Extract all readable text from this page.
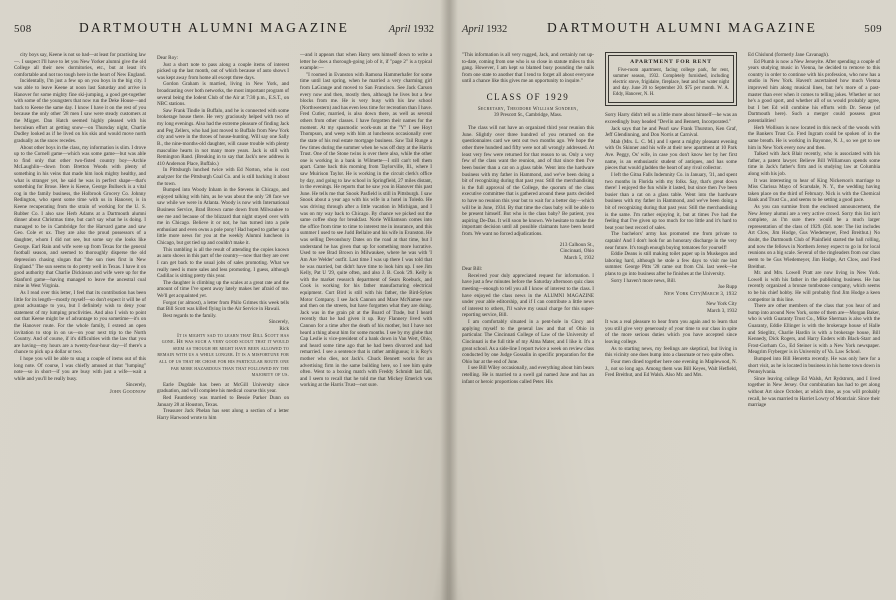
508	DARTMOUTH ALUMNI MAGAZINE	April 1932

city boys say, Keene is not so bad—at least for practising law—. I suspect I'll have to let you New Yorker alumni give the old College all their new dormitories, etc., but at least it's comfortable and not too tough here in the heart of New England.

Incidentally, I'm just a few up on you boys in the big city. I was able to leave Keene at noon last Saturday and arrive in Hanover for some mighty fine ski-jumping, a good get-together with some of the youngsters that now run the Deke House—and back to Keene the same day. I know I have it on the rest of you because the only other '28 men I saw were steady customers at the Migget. Dan Hatch seemed highly pleased with his herculean effort at getting snow—on Thursday night, Charlie Dudley looked as if he lived on his skis and would move north gradually as the snow recedes.

About other boys in the class, my information is slim. I drove up to the Cornell game—which was some game—but was able to find only that other two-fisted country boy—Archie McLaughlin—down from Bretton Woods with plenty of something in his veins that made him look mighty healthy, and what is stranger yet, he said he was in perfect shape—that's something for Brose. Here is Keene, George Bullseck is a vital cog in the family business, the Holbrook Grocery Co. Johnny Redington, who spent some time with us in Hanover, is in Keene recuperating from the strain of working for the U. S. Rubber Co. I also saw Herb Adams at a Dartmouth alumni dinner about Christmas time, but can't say what he is doing. I managed to be in Cambridge for the Harvard game and saw Geo. Cole et ux. They are also the proud possessors of a daughter, whom I did not see, but some say she looks like George. Earl Rain and wife were up from Texas for the general football season, and seemed to thoroughly disperse the old depression chasing slogan that "the sun rises first in New England." The sun seems to do pretty well in Texas. I have it on good authority that Charlie Dickinson and wife were up for the Stanford game—having managed to leave the ancestral coal mine in West Virginia.

As I read over this letter, I feel that its contribution has been little for its length—mostly myself—so don't expect it will be of great advantage to you, but I definitely wish to deny your statement of my lumping proclivities. And also I wish to point out that Keene might be of advantage to you sometime—it's on the Hanover route. For the whole family, I extend an open invitation to stop in on us—on your next trip to the North Country. And of course, if it's difficulties with the law that you are having—my hours are a twenty-four-hour day—if there's a chance to pick up a dollar or two.

I hope you will be able to snag a couple of items out of this long note. Of course, I was chiefly amused at that "lumping" note—so in short—if you are busy with just a wife—wait a while and you'll be really busy.

Sincerely,

John Goodnow

Dear Roy:

Just a short note to pass along a couple items of interest picked up the last month, out of which because of auto shows I was kept away from home all except three days.

Gordon Graham is married, living in New York, and broadcasting over both networks, the most important program of several being the Iodent Club of the Air at 7:30 p.m., E.S.T., on NBC stations.

Saw Frank Tindle in Buffalo, and he is connected with some brokerage house there. He very graciously helped with two of my long evenings. Also had the extreme pleasure of finding Jack and Peg Zellers, who had just moved to Buffalo from New York city and were in the throes of house-hunting. Will say one Sally B., the nine-months-old daughter, will cause trouble with plenty masculine hearts in not many more years. Jack is still with Remington Rand. (Breaking in to say that Jack's new address is 410 Anderson Place, Buffalo.)

In Pittsburgh lunched twice with Ed Norton, who is cost analyzer for the Pittsburgh Coal Co. and is still backing it about the town.

Bumped into Woody Inham in the Stevens in Chicago, and enjoyed talking with him, as he was about the only '28 face we saw while we were in Atlanta. Woody is now with International Business Service, Brad Brown came down from Milwaukee to see me and because of the blizzard that night stayed over with me in Chicago. Believe it or not, he has turned into a pole enthusiast and even owns a pole pony! Had hoped to gather up a little more news for you at the weekly Alumni luncheon in Chicago, but got tied up and couldn't make it.

This rambling is all the result of attending the copies known as auto shows in this part of the country—now that they are over I can get back to the usual jobs of sales promoting. What we really need is more sales and less promoting. I guess, although Cadillac is sitting pretty this year.

The daughter is climbing up the scales at a great rate and the amount of time I've spent away lately makes her afraid of me. We'll get acquainted yet.

Forgot (or almost), a letter from Philo Grimes this week tells that Bill Scott was killed flying in the Air Service in Hawaii.

Best regards to the family.

Sincerely,

Rick

It is mighty sad to learn that Bill Scott has gone. He was such a very good scout that it would seem as though he might have been allowed to remain with us a while longer. It is a misfortune for all of us that he chose for his particular route one far more hazardous than that followed by the majority of us.

Earle Dugdale has been at McGill University since graduation, and will complete his medical course this year.

Red Fauntleroy was married to Bessie Parker Dunn on January 28 at Houston, Texas.

Treasurer Jack Phelan has sent along a section of a letter Harry Harwood wrote to him

—and it appears that when Harry sets himself down to write a letter he does a thorough-going job of it, if "page 2" is a typical example:—

"I roomed in Evanston with Ramona Hammerhafer for some time until last spring, when he married a very charming girl from LaGrange and moved to San Francisco. See Jack Carson every now and then, mostly then, although he lives but a few blocks from me. He is very busy with his law school (Northwestern) and has even less time for recreation than I have. Fred Cutler, married, is also down there, as well as several others from other classes. I have forgotten their names for the moment. At my spasmodic work-outs at the "Y" I see Hoyt Thompson, and weep with him at luncheons occasionally over the state of his real estate mortgage business. Saw Tail Runge a few times during the summer when he was off duty at the Harris Trust. One of the Stone twins is over there also, while the other one is working in a bank in Wilmette—I still can't tell them apart. Came back this morning from Taylorville, Ill., where I saw Muirison Taylor. He is working in the circuit clerk's office by day, and going to law school in Springfield, 27 miles distant, in the evenings. He reports that he saw you in Hanover this past June. He tells me that Snook Pasfield is still in Pittsburgh. I saw Snook about a year ago with his wife in a hotel in Toledo. He was driving through after a little vacation in Michigan, and I was on my way back to Chicago. By chance we picked out the same coffee shop for breakfast. Norie Williamson comes into the office from time to time to interest me in insurance, and this summer I used to see Judd Bellaire and his wife in Evanston. He was selling Devonshury Dates on the road at that time, but I understand he has given that up for something more lucrative. Used to see Brad Brown in Milwaukee, where he was with 'I Am Are Welder' outfit. Last time I was up there I was told that he was married, but didn't have time to look him up. I see Jim Kelly, Pat U '29, quite often, and also J. B. Cook '29. Kelly is with the market research department of Sears Roebuck, and Cook is working for his father manufacturing electrical equipment. Curt Bird is still with his father, the Bird-Sykes Motor Company. I see Jack Cannon and Mace McNamee now and then on the streets, but have forgotten what they are doing. Jack was in the grain pit at the Board of Trade, but I heard recently that he had given it up. Roy Flannery lived with Cannon for a time after the death of his mother, but I have not heard a thing about him for some months. I see by my globe that Cap Leslie is vice-president of a bank down in Van Wert, Ohio, and heard some time ago that he had been divorced and had remarried. I see a sentence that is rather ambiguous; it is Roy's mother who dies, not Jack's. Chuck Bennett works for an advertising firm in the same building here, so I see him quite often. Went to a boxing match with Freddy Schmidt last fall, and I seem to recall that he told me that Mickey Emerich was working at the Harris Trust—not sure.

April 1932	DARTMOUTH ALUMNI MAGAZINE	509

"This information is all very rugged, Jack, and certainly not up-to-date, coming from one who is so close in statute miles to this gang. However, I am kept so blamed busy pounding the nails from one state to another that I tend to forget all about everyone until a chance like this gives me an opportunity to inquire."

CLASS OF 1929
Secretary, Theodore William Sondeen,
39 Prescott St., Cambridge, Mass.

The class will not have an organized third year reunion this June. Slightly over three hundred of you returned on the questionnaires card we sent out two months ago. We hope the other three hundred and fifty were not all wrongly addressed. At least very few were returned for that reason to us. Only a very few of the class want the reunion, and of that since then I've been busier than a cat on a glass table. Went into the hardware business with my father in Hammond, and we've been doing a bit of recognizing during that past year. Still the merchandising is the full approval of the College, the quorum of the class executive committee that is gathered around these parts decided to have no reunion this year but to wait for a better day—which will be in June, 1934. By that time the class baby will be able to be present himself. But who is the class baby? Be patient, you aspiring De-Das. It will soon be known. We hesitate to make the important decision until all possible claimants have been heard from. We want no forced adjudications.

213 Calhoun St.,
Cincinnati, Ohio
March 5, 1932

Dear Bill:

Received your duly appreciated request for information. I have just a few minutes before the Saturday afternoon quiz class meeting—enough to tell you all I know of interest to the class. I have enjoyed the class news in the ALUMNI MAGAZINE under your able editorship, and if I can contribute a little news of interest to others, I'll waive my usual charge for this super-reporting service, Bill.

I am comfortably situated in a pent-hole in Cincy and applying myself to the general law and that of Ohio in particular. The Cincinnati College of Law of the University of Cincinnati is the full title of my Alma Mater, and I like it. It's a great school. As a side-line I report twice a week on review class conducted by one Judge Gossalin in specific preparation for the Ohio bar at the end of June.

I see Bill Wiley occasionally, and everything about him bears retelling. He is married to a swell gal named June and has an infant or heroic proportions called Peter. His

APARTMENT FOR RENT
Five-room apartment, facing college park, for rent, summer season, 1932. Completely furnished, including electric stove, frigidaire, fireplace, heat and hot water night and day. June 20 to September 20. $75 per month. W. A. Eddy, Hanover, N. H.

Sorry Harry didn't tell us a little more about himself—he was an exceedingly busy headed "Devlin and Bennett, Incorporated."

Jack says that he and Pearl saw Frank Thurston, Ken Graf, Jeff Glendinning, and Don Norris at Carnival.

Mab (Mrs. L. C. M.) and I spent a mighty pleasant evening with Os Skinner and his wife at their new apartment at 10 Park Ave. Peggy, Os' wife, in case you don't know her by her first name, is an enthusiastic student of antiques, and has some pieces that would gladden the heart of any rival collector.

I left the Gitna Falls Indemnity Co. in January, '31, and spent two months in Florida with my folks. Say, that's great down there! I enjoyed the fun while it lasted, but since then I've been busier than a cat on a glass table. Went into the hardware business with my father in Hammond, and we've been doing a bit of recognizing during that past year. Still the merchandising is the same. I'm rather enjoying it, but at times I've had the feeling that I've given up too much for too little and it's hard to beat your best record of sales.

The bachelors' army has promoted me from private to captain! And I don't look for an honorary discharge in the very near future. It's tough enough buying tomatoes for yourself!

Eddie Deans is still making toilet paper up in Muskegon and laboring hard, although he stole a few days to visit me last summer. George Pitts '28 came out from Chi. last week—he plans to go into business after he finishes at the University.

Sorry I haven't more news, Bill.

Joe Rupp

New York City|March 3, 1932

New York City
March 3, 1932

It was a real pleasure to hear from you again and to learn that you still give very generously of your time to our class in spite of the more serious duties which you have accepted since leaving college.

As to starting news, my feelings are skeptical, but living in this vicinity one does bump into a classmate or two quite often.

Four men dined together here one evening in Maplewood, N. J., not so long ago. Among them was Bill Keyes, Walt Hetfield, Fred Breithut, and Ed Walsh. Also Mr. and Mrs.

Ed Chislund (formerly Jane Cavanagh).

Ed Plumb is now a New Jerseyite. After spending a couple of years studying music in Vienna, he decided to remove to this country in order to continue with his profession, who now has a studio in New York. Haven't ascertained how much Vienna improved him along musical lines, but he's more of a past-master than ever when it comes to telling jokes. Whether or not he's a good sport, and whether all of us would probably agree, but I bet Ed will combine his efforts with Dr. Sense (of Dartmouth here). Such a merger could possess great potentialities!

Herb Wollison is now located in this neck of the woods with the Bankers Trust Co. Fred Ingram could be spoken of in the same breath. He is working in Bayonne, N. J., so we get to see him in New York every now and then.

Talked with Jack Blair recently, who is associated with his father, a patent lawyer. Believe Bill Williamson spends some time in Jack's father's firm and is studying law at Columbia along with his job.

It was interesting to hear of King Nickerson's marriage to Miss Clarissa Mayo of Scarsdale, N. Y., the wedding having taken place on the third of February. Nick is with the Chemical Bank and Trust Co., and seems to be setting a good pace.

As you can surmise from the enclosed announcement, the New Jersey alumni are a very active crowd. Sorry this list isn't complete, as I'm sure there would be a much larger representation of the class of 1929. (Ed. note: The list includes Art Clow, Jim Hodge, Gus Wiedemeyer, Fred Breithut.) No doubt, the Dartmouth Club of Plainfield started the ball rolling, and now the fellows in Northern Jersey expect to go in for local reunions on a big scale. Several of the ringleaders from our class seem to be Gus Wiedemeyer, Jim Hodge, Art Clow, and Fred Breithut.

Mr. and Mrs. Lowell Pratt are now living in New York. Lowell is with his father in the publishing business. He has recently organized a bronze tombstone company, which seems to be his chief hobby. He will probably find Jim Hodge a keen competitor in this line.

There are other members of the class that you hear of and bump into around New York, some of them are—Morgan Baker, who is with Guaranty Trust Co., Mike Sherman is also with the Guaranty, Eddie Ellinger is with the brokerage house of Halle and Stieglitz, Charlie Hardin is with a brokerage house, Bill Kennedy, Dick Rogers, and Harry Enders with Black-Starr and Frost-Gorham Co., Ed Steiner is with a New York newspaper. Meagrim Fryberger is in University of Va. Law School.

Bumped into Bill Henretta recently. He was only here for a short visit, as he is located in business in his home town down in Pennsylvania.

Since leaving college Ed Walsh, Art Rydstrom, and I lived together in New Jersey. Our combination has had to get along without Art since October, at which time, as you will probably recall, he was married to Harriet Lowry of Montclair. Since their marriage
